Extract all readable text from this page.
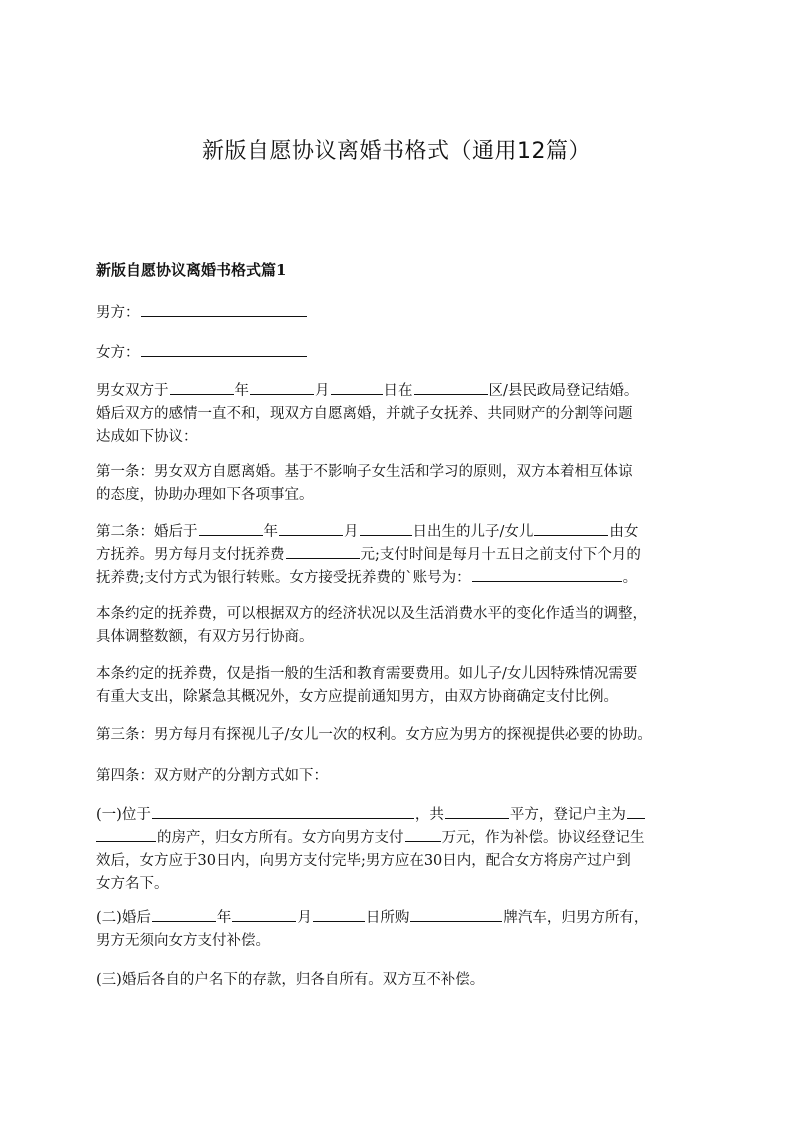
新版自愿协议离婚书格式（通用12篇）
新版自愿协议离婚书格式篇1
男方：
女方：
男女双方于	年	月	日在	区/县民政局登记结婚。
婚后双方的感情一直不和，现双方自愿离婚，并就子女抚养、共同财产的分割等问题
达成如下协议：
第一条：男女双方自愿离婚。基于不影响子女生活和学习的原则，双方本着相互体谅
的态度，协助办理如下各项事宜。
第二条：婚后于	年	月	日出生的儿子/女儿	由女
方抚养。男方每月支付抚养费	元;支付时间是每月十五日之前支付下个月的
抚养费;支付方式为银行转账。女方接受抚养费的`账号为：	。
本条约定的抚养费，可以根据双方的经济状况以及生活消费水平的变化作适当的调整，
具体调整数额，有双方另行协商。
本条约定的抚养费，仅是指一般的生活和教育需要费用。如儿子/女儿因特殊情况需要
有重大支出，除紧急其概况外，女方应提前通知男方，由双方协商确定支付比例。
第三条：男方每月有探视儿子/女儿一次的权利。女方应为男方的探视提供必要的协助。
第四条：双方财产的分割方式如下：
(一)位于	，共	平方，登记户主为
的房产，归女方所有。女方向男方支付	万元，作为补偿。协议经登记生
效后，女方应于30日内，向男方支付完毕;男方应在30日内，配合女方将房产过户到
女方名下。
(二)婚后	年	月	日所购	牌汽车，归男方所有，
男方无须向女方支付补偿。
(三)婚后各自的户名下的存款，归各自所有。双方互不补偿。
